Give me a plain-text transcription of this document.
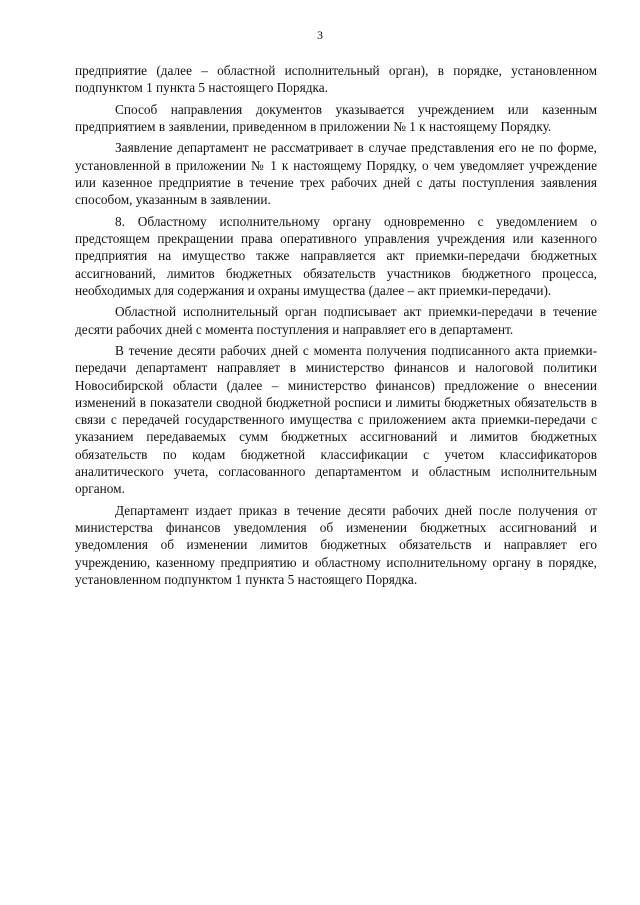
3

предприятие (далее – областной исполнительный орган), в порядке, установленном подпунктом 1 пункта 5 настоящего Порядка.

Способ направления документов указывается учреждением или казенным предприятием в заявлении, приведенном в приложении № 1 к настоящему Порядку.

Заявление департамент не рассматривает в случае представления его не по форме, установленной в приложении № 1 к настоящему Порядку, о чем уведомляет учреждение или казенное предприятие в течение трех рабочих дней с даты поступления заявления способом, указанным в заявлении.

8. Областному исполнительному органу одновременно с уведомлением о предстоящем прекращении права оперативного управления учреждения или казенного предприятия на имущество также направляется акт приемки-передачи бюджетных ассигнований, лимитов бюджетных обязательств участников бюджетного процесса, необходимых для содержания и охраны имущества (далее – акт приемки-передачи).

Областной исполнительный орган подписывает акт приемки-передачи в течение десяти рабочих дней с момента поступления и направляет его в департамент.

В течение десяти рабочих дней с момента получения подписанного акта приемки-передачи департамент направляет в министерство финансов и налоговой политики Новосибирской области (далее – министерство финансов) предложение о внесении изменений в показатели сводной бюджетной росписи и лимиты бюджетных обязательств в связи с передачей государственного имущества с приложением акта приемки-передачи с указанием передаваемых сумм бюджетных ассигнований и лимитов бюджетных обязательств по кодам бюджетной классификации с учетом классификаторов аналитического учета, согласованного департаментом и областным исполнительным органом.

Департамент издает приказ в течение десяти рабочих дней после получения от министерства финансов уведомления об изменении бюджетных ассигнований и уведомления об изменении лимитов бюджетных обязательств и направляет его учреждению, казенному предприятию и областному исполнительному органу в порядке, установленном подпунктом 1 пункта 5 настоящего Порядка.
